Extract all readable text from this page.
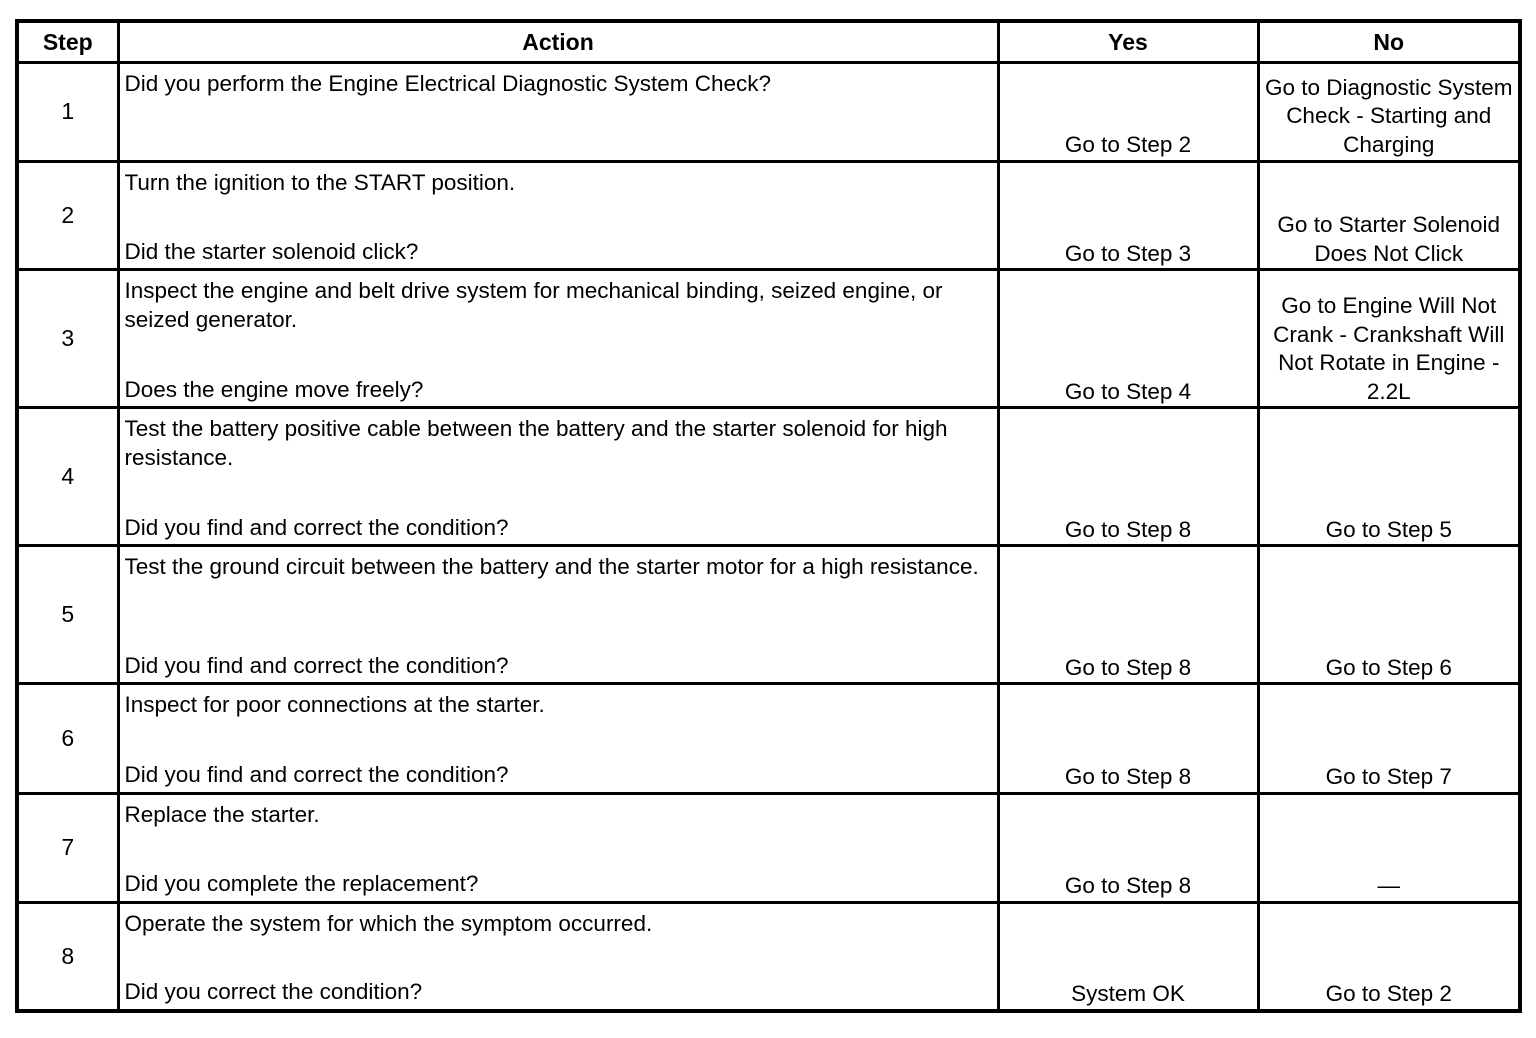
Step	Action	Yes	No
1	Did you perform the Engine Electrical Diagnostic System Check?	Go to Step 2	Go to Diagnostic System Check - Starting and Charging
2	Turn the ignition to the START position.
Did the starter solenoid click?	Go to Step 3	Go to Starter Solenoid Does Not Click
3	Inspect the engine and belt drive system for mechanical binding, seized engine, or seized generator.
Does the engine move freely?	Go to Step 4	Go to Engine Will Not Crank - Crankshaft Will Not Rotate in Engine - 2.2L
4	Test the battery positive cable between the battery and the starter solenoid for high resistance.
Did you find and correct the condition?	Go to Step 8	Go to Step 5
5	Test the ground circuit between the battery and the starter motor for a high resistance.
Did you find and correct the condition?	Go to Step 8	Go to Step 6
6	Inspect for poor connections at the starter.
Did you find and correct the condition?	Go to Step 8	Go to Step 7
7	Replace the starter.
Did you complete the replacement?	Go to Step 8	—
8	Operate the system for which the symptom occurred.
Did you correct the condition?	System OK	Go to Step 2
